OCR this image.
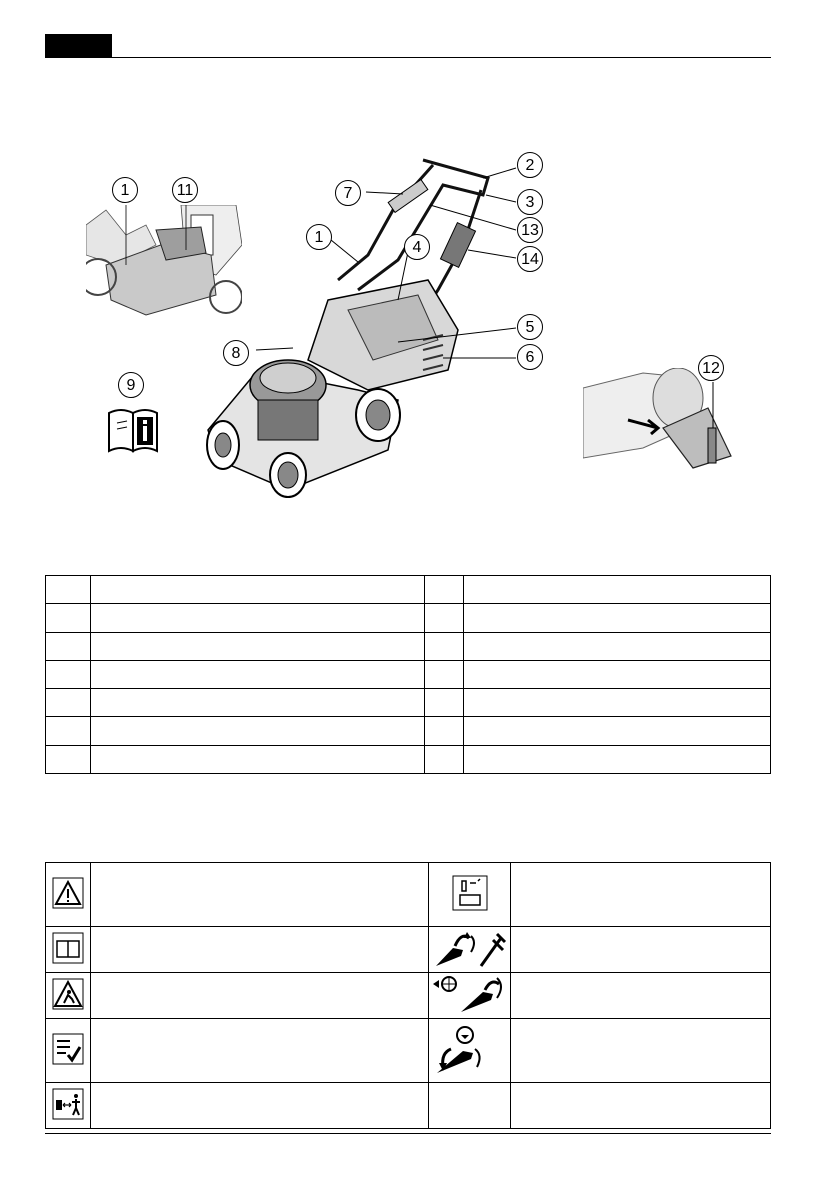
1	11
9
7
2
3
13
14
1
4
5
6
8
12
